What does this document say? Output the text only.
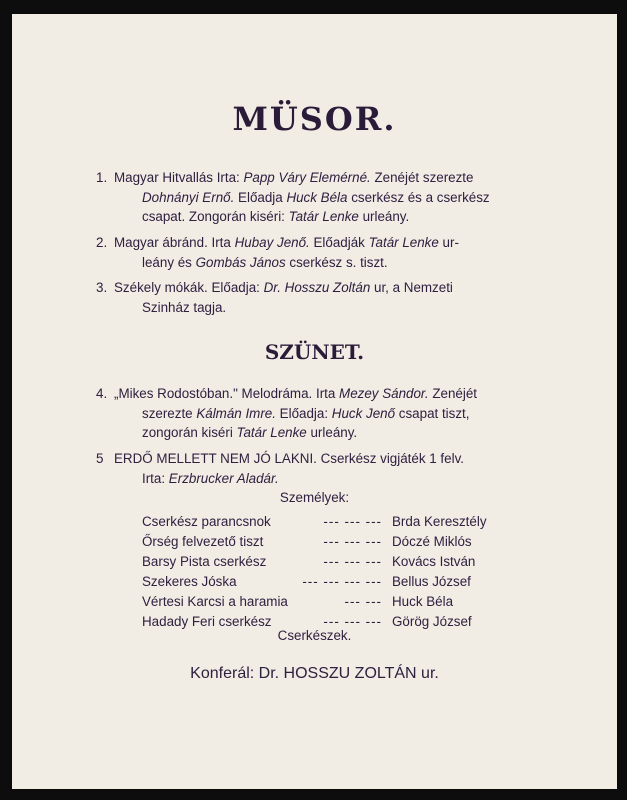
MÜSOR.
1. Magyar Hitvallás Irta: Papp Váry Elemérné. Zenéjét szerezte
Dohnányi Ernő. Előadja Huck Béla cserkész és a cserkész
csapat. Zongorán kiséri: Tatár Lenke urleány.
2. Magyar ábránd. Irta Hubay Jenő. Előadják Tatár Lenke ur-
leány és Gombás János cserkész s. tiszt.
3. Székely mókák. Előadja: Dr. Hosszu Zoltán ur, a Nemzeti
Szinház tagja.
SZÜNET.
4. „Mikes Rodostóban." Melodráma. Irta Mezey Sándor. Zenéjét
szerezte Kálmán Imre. Előadja: Huck Jenő csapat tiszt,
zongorán kiséri Tatár Lenke urleány.
5 ERDŐ MELLETT NEM JÓ LAKNI. Cserkész vigjáték 1 felv.
Irta: Erzbrucker Aladár.
Személyek:
Cserkész parancsnok	--- --- --- Brda Keresztély
Őrség felvezető tiszt	--- --- --- Dóczé Miklós
Barsy Pista cserkész	--- --- --- Kovács István
Szekeres Jóska	--- --- --- --- Bellus József
Vértesi Karcsi a haramia	--- --- Huck Béla
Hadady Feri cserkész	--- --- --- Görög József
Cserkészek.
Konferál: Dr. HOSSZU ZOLTÁN ur.
